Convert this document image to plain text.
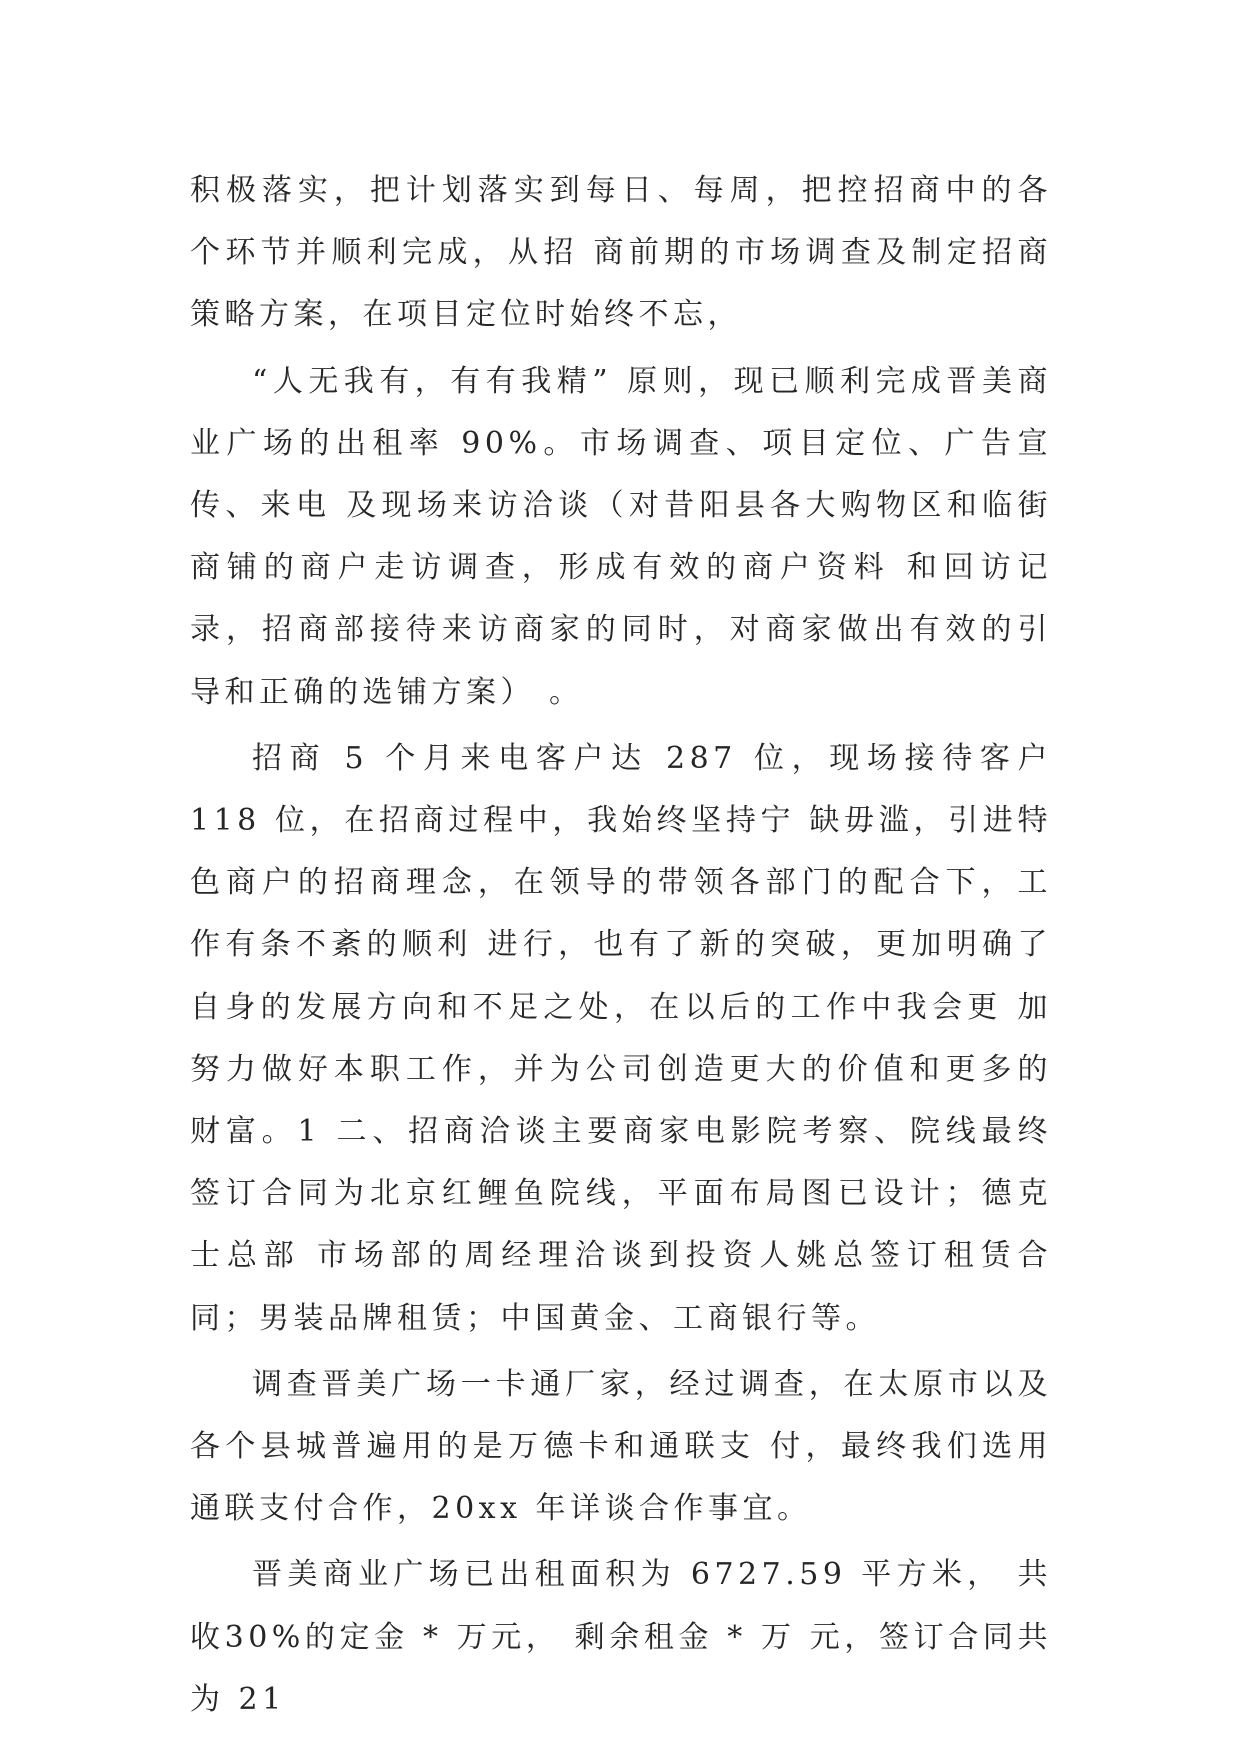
积极落实，把计划落实到每日、每周，把控招商中的各个环节并顺利完成，从招 商前期的市场调查及制定招商策略方案，在项目定位时始终不忘，

“人无我有，有有我精” 原则，现已顺利完成晋美商业广场的出租率 90%。市场调查、项目定位、广告宣传、来电 及现场来访洽谈（对昔阳县各大购物区和临街商铺的商户走访调查，形成有效的商户资料 和回访记录，招商部接待来访商家的同时，对商家做出有效的引导和正确的选铺方案） 。

招商 5 个月来电客户达 287 位，现场接待客户 118 位，在招商过程中，我始终坚持宁 缺毋滥，引进特色商户的招商理念，在领导的带领各部门的配合下，工作有条不紊的顺利 进行，也有了新的突破，更加明确了自身的发展方向和不足之处，在以后的工作中我会更 加努力做好本职工作，并为公司创造更大的价值和更多的财富。1 二、招商洽谈主要商家电影院考察、院线最终签订合同为北京红鲤鱼院线，平面布局图已设计；德克士总部 市场部的周经理洽谈到投资人姚总签订租赁合同；男装品牌租赁；中国黄金、工商银行等。

调查晋美广场一卡通厂家，经过调查，在太原市以及各个县城普遍用的是万德卡和通联支 付，最终我们选用通联支付合作，20xx 年详谈合作事宜。

晋美商业广场已出租面积为 6727.59 平方米， 共收30%的定金 * 万元， 剩余租金 * 万 元，签订合同共为 21
